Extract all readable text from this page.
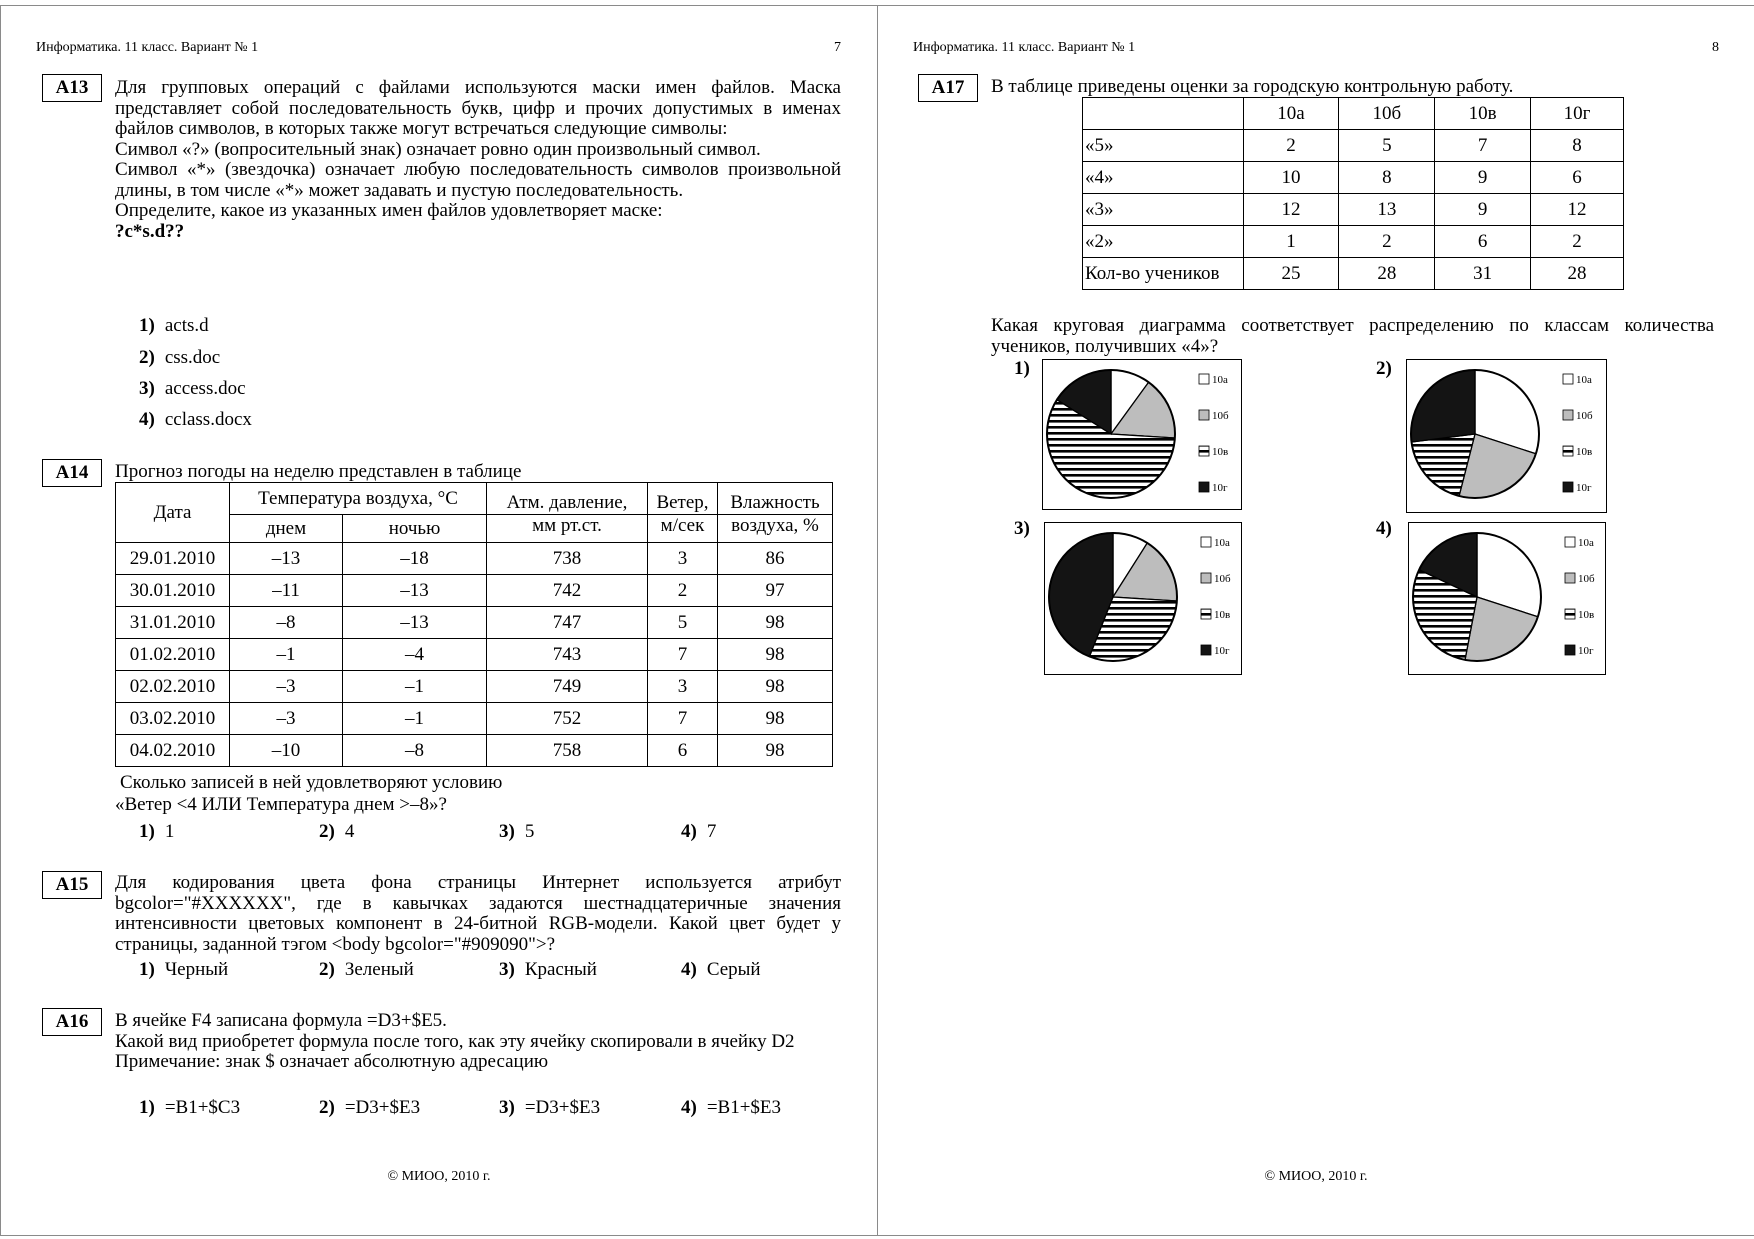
Информатика. 11 класс. Вариант № 1	7
A13	Для групповых операций с файлами используются маски имен файлов. Маска представляет собой последовательность букв, цифр и прочих допустимых в именах файлов символов, в которых также могут встречаться следующие символы:
Символ «?» (вопросительный знак) означает ровно один произвольный символ.
Символ «*» (звездочка) означает любую последовательность символов произвольной длины, в том числе «*» может задавать и пустую последовательность.
Определите, какое из указанных имен файлов удовлетворяет маске:
?c*s.d??
1) acts.d
2) css.doc
3) access.doc
4) cclass.docx
A14	Прогноз погоды на неделю представлен в таблице
Дата	Температура воздуха, °С		Атм. давление,	Ветер,	Влажность
	днем	ночью	мм рт.ст.	м/сек	воздуха, %
29.01.2010	–13	–18	738	3	86
30.01.2010	–11	–13	742	2	97
31.01.2010	–8	–13	747	5	98
01.02.2010	–1	–4	743	7	98
02.02.2010	–3	–1	749	3	98
03.02.2010	–3	–1	752	7	98
04.02.2010	–10	–8	758	6	98
Сколько записей в ней удовлетворяют условию
«Ветер <4 ИЛИ Температура днем >–8»?
1) 1	2) 4	3) 5	4) 7
A15	Для кодирования цвета фона страницы Интернет используется атрибут bgcolor="#XXXXXX", где в кавычках задаются шестнадцатеричные значения интенсивности цветовых компонент в 24-битной RGB-модели. Какой цвет будет у страницы, заданной тэгом <body bgcolor="#909090">?
1) Черный	2) Зеленый	3) Красный	4) Серый
A16	В ячейке F4 записана формула =D3+$E5.
Какой вид приобретет формула после того, как эту ячейку скопировали в ячейку D2
Примечание: знак $ означает абсолютную адресацию
1) =B1+$C3	2) =D3+$E3	3) =D3+$E3	4) =B1+$E3
© МИОО, 2010 г.
Информатика. 11 класс. Вариант № 1	8
A17	В таблице приведены оценки за городскую контрольную работу.
	10а	10б	10в	10г
«5»	2	5	7	8
«4»	10	8	9	6
«3»	12	13	9	12
«2»	1	2	6	2
Кол-во учеников	25	28	31	28
Какая круговая диаграмма соответствует распределению по классам количества учеников, получивших «4»?
1)	2)
3)	4)
10а
10б
10в
10г
10а
10б
10в
10г
10а
10б
10в
10г
10а
10б
10в
10г
© МИОО, 2010 г.
